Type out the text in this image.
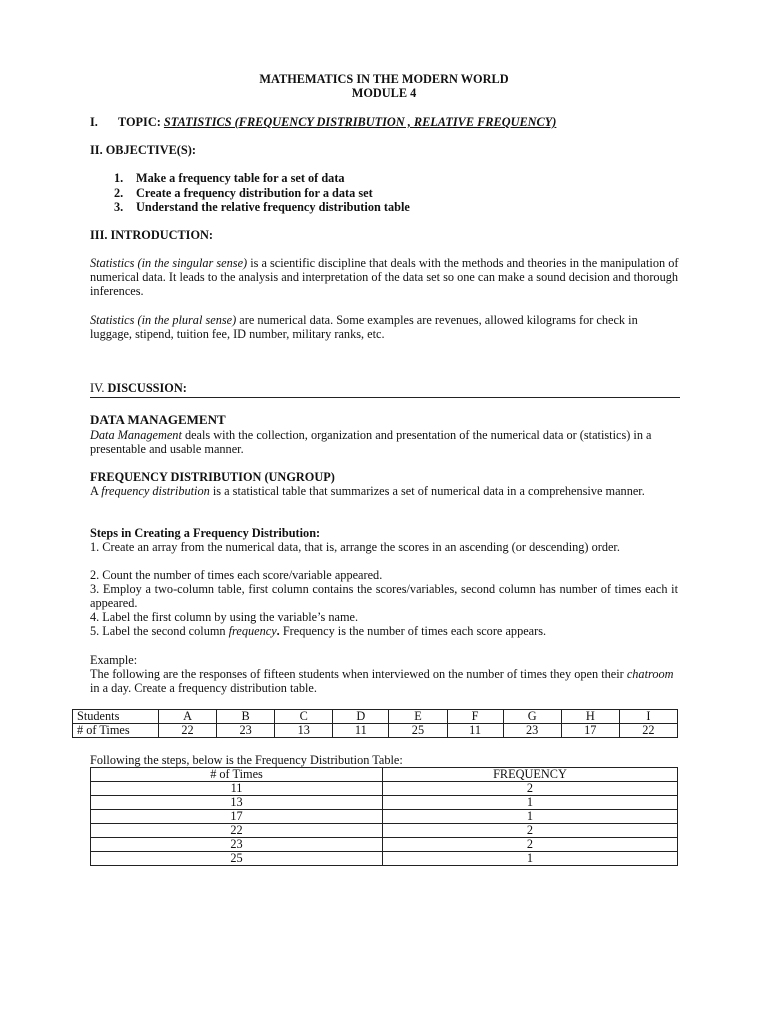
MATHEMATICS IN THE MODERN WORLD
MODULE 4
I. TOPIC: STATISTICS (FREQUENCY DISTRIBUTION , RELATIVE FREQUENCY)
II. OBJECTIVE(S):
1. Make a frequency table for a set of data
2. Create a frequency distribution for a data set
3. Understand the relative frequency distribution table
III. INTRODUCTION:

Statistics (in the singular sense) is a scientific discipline that deals with the methods and theories in the manipulation of numerical data. It leads to the analysis and interpretation of the data set so one can make a sound decision and thorough inferences.

Statistics (in the plural sense) are numerical data. Some examples are revenues, allowed kilograms for check in luggage, stipend, tuition fee, ID number, military ranks, etc.

IV. DISCUSSION:
DATA MANAGEMENT

Data Management deals with the collection, organization and presentation of the numerical data or (statistics) in a presentable and usable manner.

FREQUENCY DISTRIBUTION (UNGROUP)

A frequency distribution is a statistical table that summarizes a set of numerical data in a comprehensive manner.

Steps in Creating a Frequency Distribution:

1. Create an array from the numerical data, that is, arrange the scores in an ascending (or descending) order.

2. Count the number of times each score/variable appeared.

3. Employ a two-column table, first column contains the scores/variables, second column has number of times each it appeared.

4. Label the first column by using the variable’s name.

5. Label the second column frequency. Frequency is the number of times each score appears.

Example:

The following are the responses of fifteen students when interviewed on the number of times they open their chatroom in a day. Create a frequency distribution table.

Students	A	B	C	D	E	F	G	H	I
# of Times	22	23	13	11	25	11	23	17	22
Following the steps, below is the Frequency Distribution Table:
# of Times	FREQUENCY
11	2
13	1
17	1
22	2
23	2
25	1
